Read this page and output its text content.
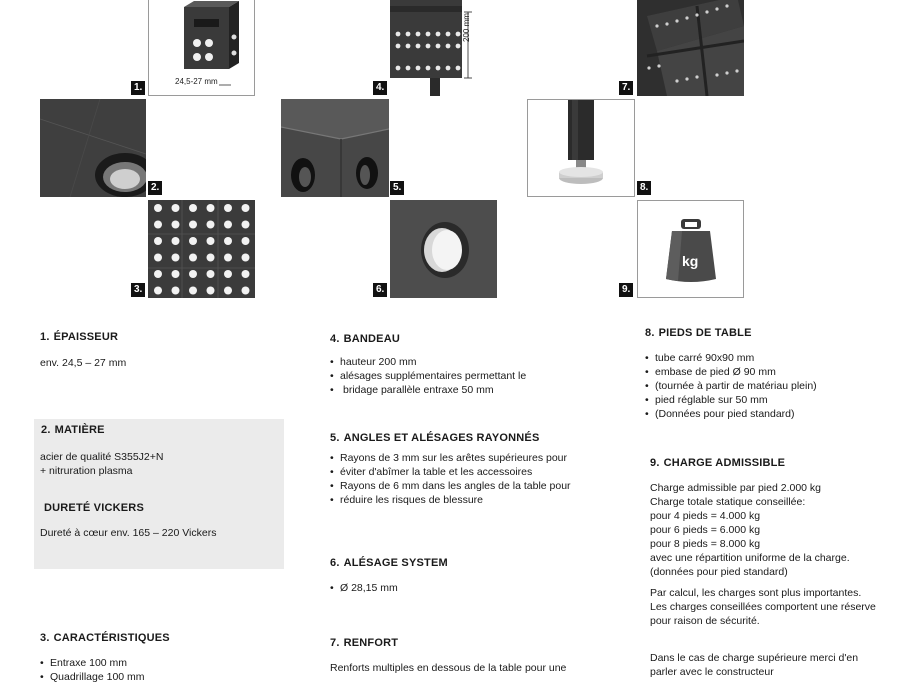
24,5-27 mm
1.
2.
3.
200 mm
4.
5.
6.
7.
8.
kg
9.
1. ÉPAISSEUR
env. 24,5 – 27 mm
2. MATIÈRE
acier de qualité S355J2+N
+ nitruration plasma
DURETÉ VICKERS
Dureté à cœur env. 165 – 220 Vickers
3. CARACTÉRISTIQUES
• Entraxe 100 mm
• Quadrillage 100 mm
4. BANDEAU
• hauteur 200 mm
• alésages supplémentaires permettant le
• bridage parallèle entraxe 50 mm
5. ANGLES ET ALÉSAGES RAYONNÉS
• Rayons de 3 mm sur les arêtes supérieures pour
• éviter d'abîmer la table et les accessoires
• Rayons de 6 mm dans les angles de la table pour
• réduire les risques de blessure
6. ALÉSAGE SYSTEM
• Ø 28,15 mm
7. RENFORT
Renforts multiples en dessous de la table pour une
8. PIEDS DE TABLE
• tube carré 90x90 mm
• embase de pied Ø 90 mm
• (tournée à partir de matériau plein)
• pied réglable sur 50 mm
• (Données pour pied standard)
9. CHARGE ADMISSIBLE
Charge admissible par pied 2.000 kg
Charge totale statique conseillée:
pour 4 pieds = 4.000 kg
pour 6 pieds = 6.000 kg
pour 8 pieds = 8.000 kg
avec une répartition uniforme de la charge.
(données pour pied standard)
Par calcul, les charges sont plus importantes.
Les charges conseillées comportent une réserve
pour raison de sécurité.
Dans le cas de charge supérieure merci d'en
parler avec le constructeur
